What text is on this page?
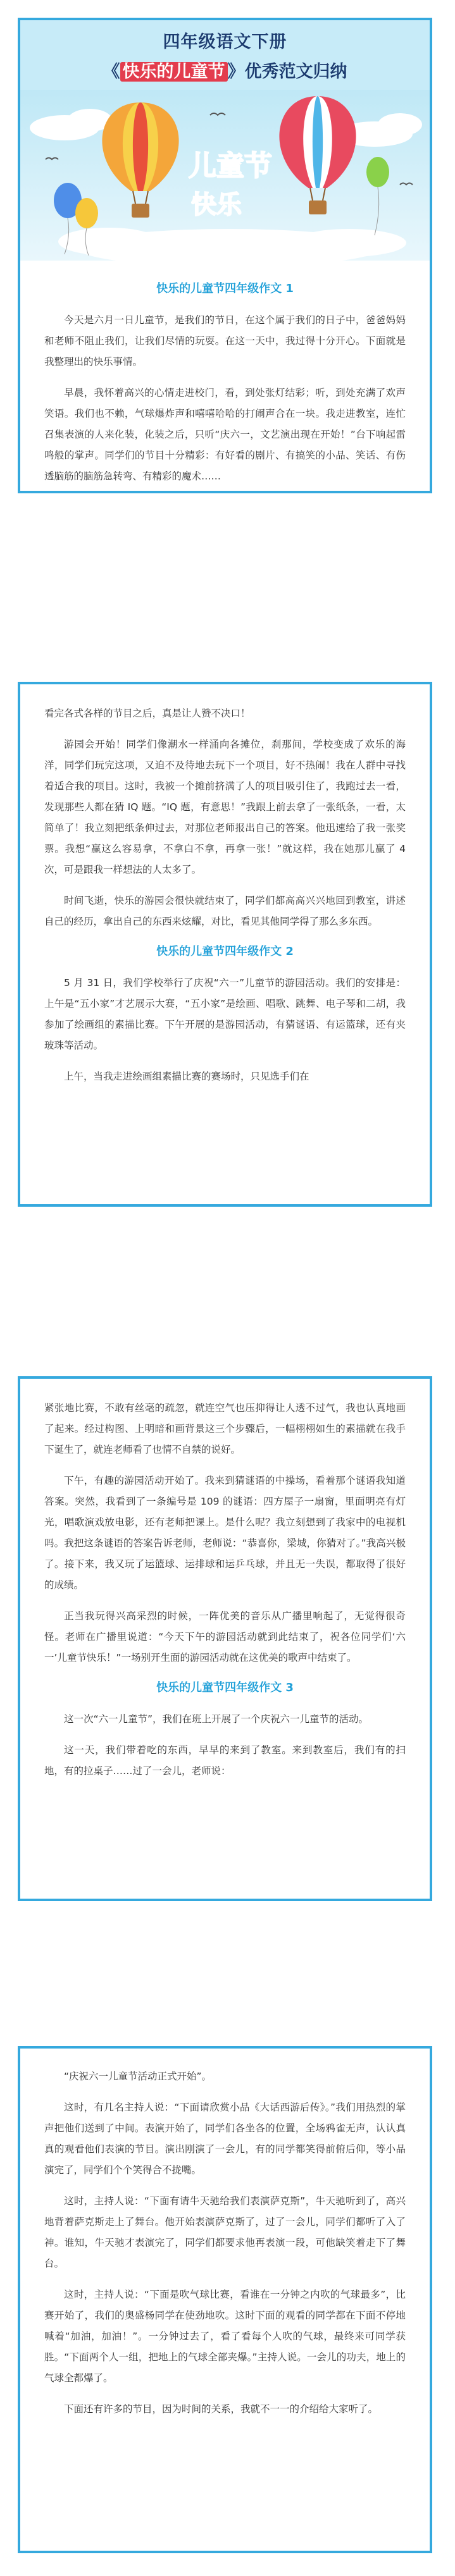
四年级语文下册
《 快乐的儿童节 》优秀范文归纳
儿童节
快乐
快乐的儿童节四年级作文 1

今天是六月一日儿童节，是我们的节日，在这个属于我们的日子中，爸爸妈妈和老师不阻止我们，让我们尽情的玩耍。在这一天中，我过得十分开心。下面就是我整理出的快乐事情。

早晨，我怀着高兴的心情走进校门，看，到处张灯结彩；听，到处充满了欢声笑语。我们也不赖，气球爆炸声和嘻嘻哈哈的打闹声合在一块。我走进教室，连忙召集表演的人来化装，化装之后，只听“庆六一，文艺演出现在开始！”台下响起雷鸣般的掌声。同学们的节目十分精彩：有好看的剧片、有搞笑的小品、笑话、有伤透脑筋的脑筋急转弯、有精彩的魔术……

看完各式各样的节目之后，真是让人赞不决口！

游园会开始！同学们像潮水一样涌向各摊位，刹那间，学校变成了欢乐的海洋，同学们玩完这项，又迫不及待地去玩下一个项目，好不热闹！我在人群中寻找着适合我的项目。这时，我被一个摊前挤满了人的项目吸引住了，我跑过去一看，发现那些人都在猜 IQ 题。“IQ 题，有意思！”我跟上前去拿了一张纸条，一看，太简单了！我立刻把纸条伸过去，对那位老师报出自己的答案。他迅速给了我一张奖票。我想“赢这么容易拿，不拿白不拿，再拿一张！”就这样，我在她那儿赢了 4 次，可是跟我一样想法的人太多了。

时间飞逝，快乐的游园会很快就结束了，同学们都高高兴兴地回到教室，讲述自己的经历，拿出自己的东西来炫耀，对比，看见其他同学得了那么多东西。

快乐的儿童节四年级作文 2

5 月 31 日，我们学校举行了庆祝“六一”儿童节的游园活动。我们的安排是：上午是“五小家”才艺展示大赛，“五小家”是绘画、唱歌、跳舞、电子琴和二胡，我参加了绘画组的素描比赛。下午开展的是游园活动，有猜谜语、有运篮球，还有夹玻珠等活动。

上午，当我走进绘画组素描比赛的赛场时，只见选手们在

紧张地比赛，不敢有丝毫的疏忽，就连空气也压抑得让人透不过气，我也认真地画了起来。经过构图、上明暗和画背景这三个步骤后，一幅栩栩如生的素描就在我手下诞生了，就连老师看了也情不自禁的说好。

下午，有趣的游园活动开始了。我来到猜谜语的中操场，看着那个谜语我知道答案。突然，我看到了一条编号是 109 的谜语：四方屋子一扇窗，里面明亮有灯光，唱歌演戏放电影，还有老师把课上。是什么呢？我立刻想到了我家中的电视机吗。我把这条谜语的答案告诉老师，老师说：“恭喜你，梁城，你猜对了。”我高兴极了。接下来，我又玩了运篮球、运排球和运乒乓球，并且无一失误，都取得了很好的成绩。

正当我玩得兴高采烈的时候，一阵优美的音乐从广播里响起了，无觉得很奇怪。老师在广播里说道：“今天下午的游园活动就到此结束了，祝各位同学们‘六一’儿童节快乐！”一场别开生面的游园活动就在这优美的歌声中结束了。

快乐的儿童节四年级作文 3

这一次“六一儿童节”，我们在班上开展了一个庆祝六一儿童节的活动。

这一天，我们带着吃的东西，早早的来到了教室。来到教室后，我们有的扫地，有的拉桌子……过了一会儿，老师说：

“庆祝六一儿童节活动正式开始”。

这时，有几名主持人说：“下面请欣赏小品《大话西游后传》。”我们用热烈的掌声把他们送到了中间。表演开始了，同学们各坐各的位置，全场鸦雀无声，认认真真的观看他们表演的节目。演出刚演了一会儿，有的同学都笑得前俯后仰，等小品演完了，同学们个个笑得合不拢嘴。

这时，主持人说：“下面有请牛天驰给我们表演萨克斯”，牛天驰听到了，高兴地背着萨克斯走上了舞台。他开始表演萨克斯了，过了一会儿，同学们都听了入了神。谁知，牛天驰才表演完了，同学们都要求他再表演一段，可他缺笑着走下了舞台。

这时，主持人说：“下面是吹气球比赛，看谁在一分钟之内吹的气球最多”，比赛开始了，我们的奥盛杨同学在使劲地吹。这时下面的观看的同学都在下面不停地喊着“加油，加油！”。一分钟过去了，看了看每个人吹的气球，最终来可同学获胜。“下面两个人一组，把地上的气球全部夹爆。”主持人说。一会儿的功夫，地上的气球全都爆了。

下面还有许多的节目，因为时间的关系，我就不一一的介绍给大家听了。
